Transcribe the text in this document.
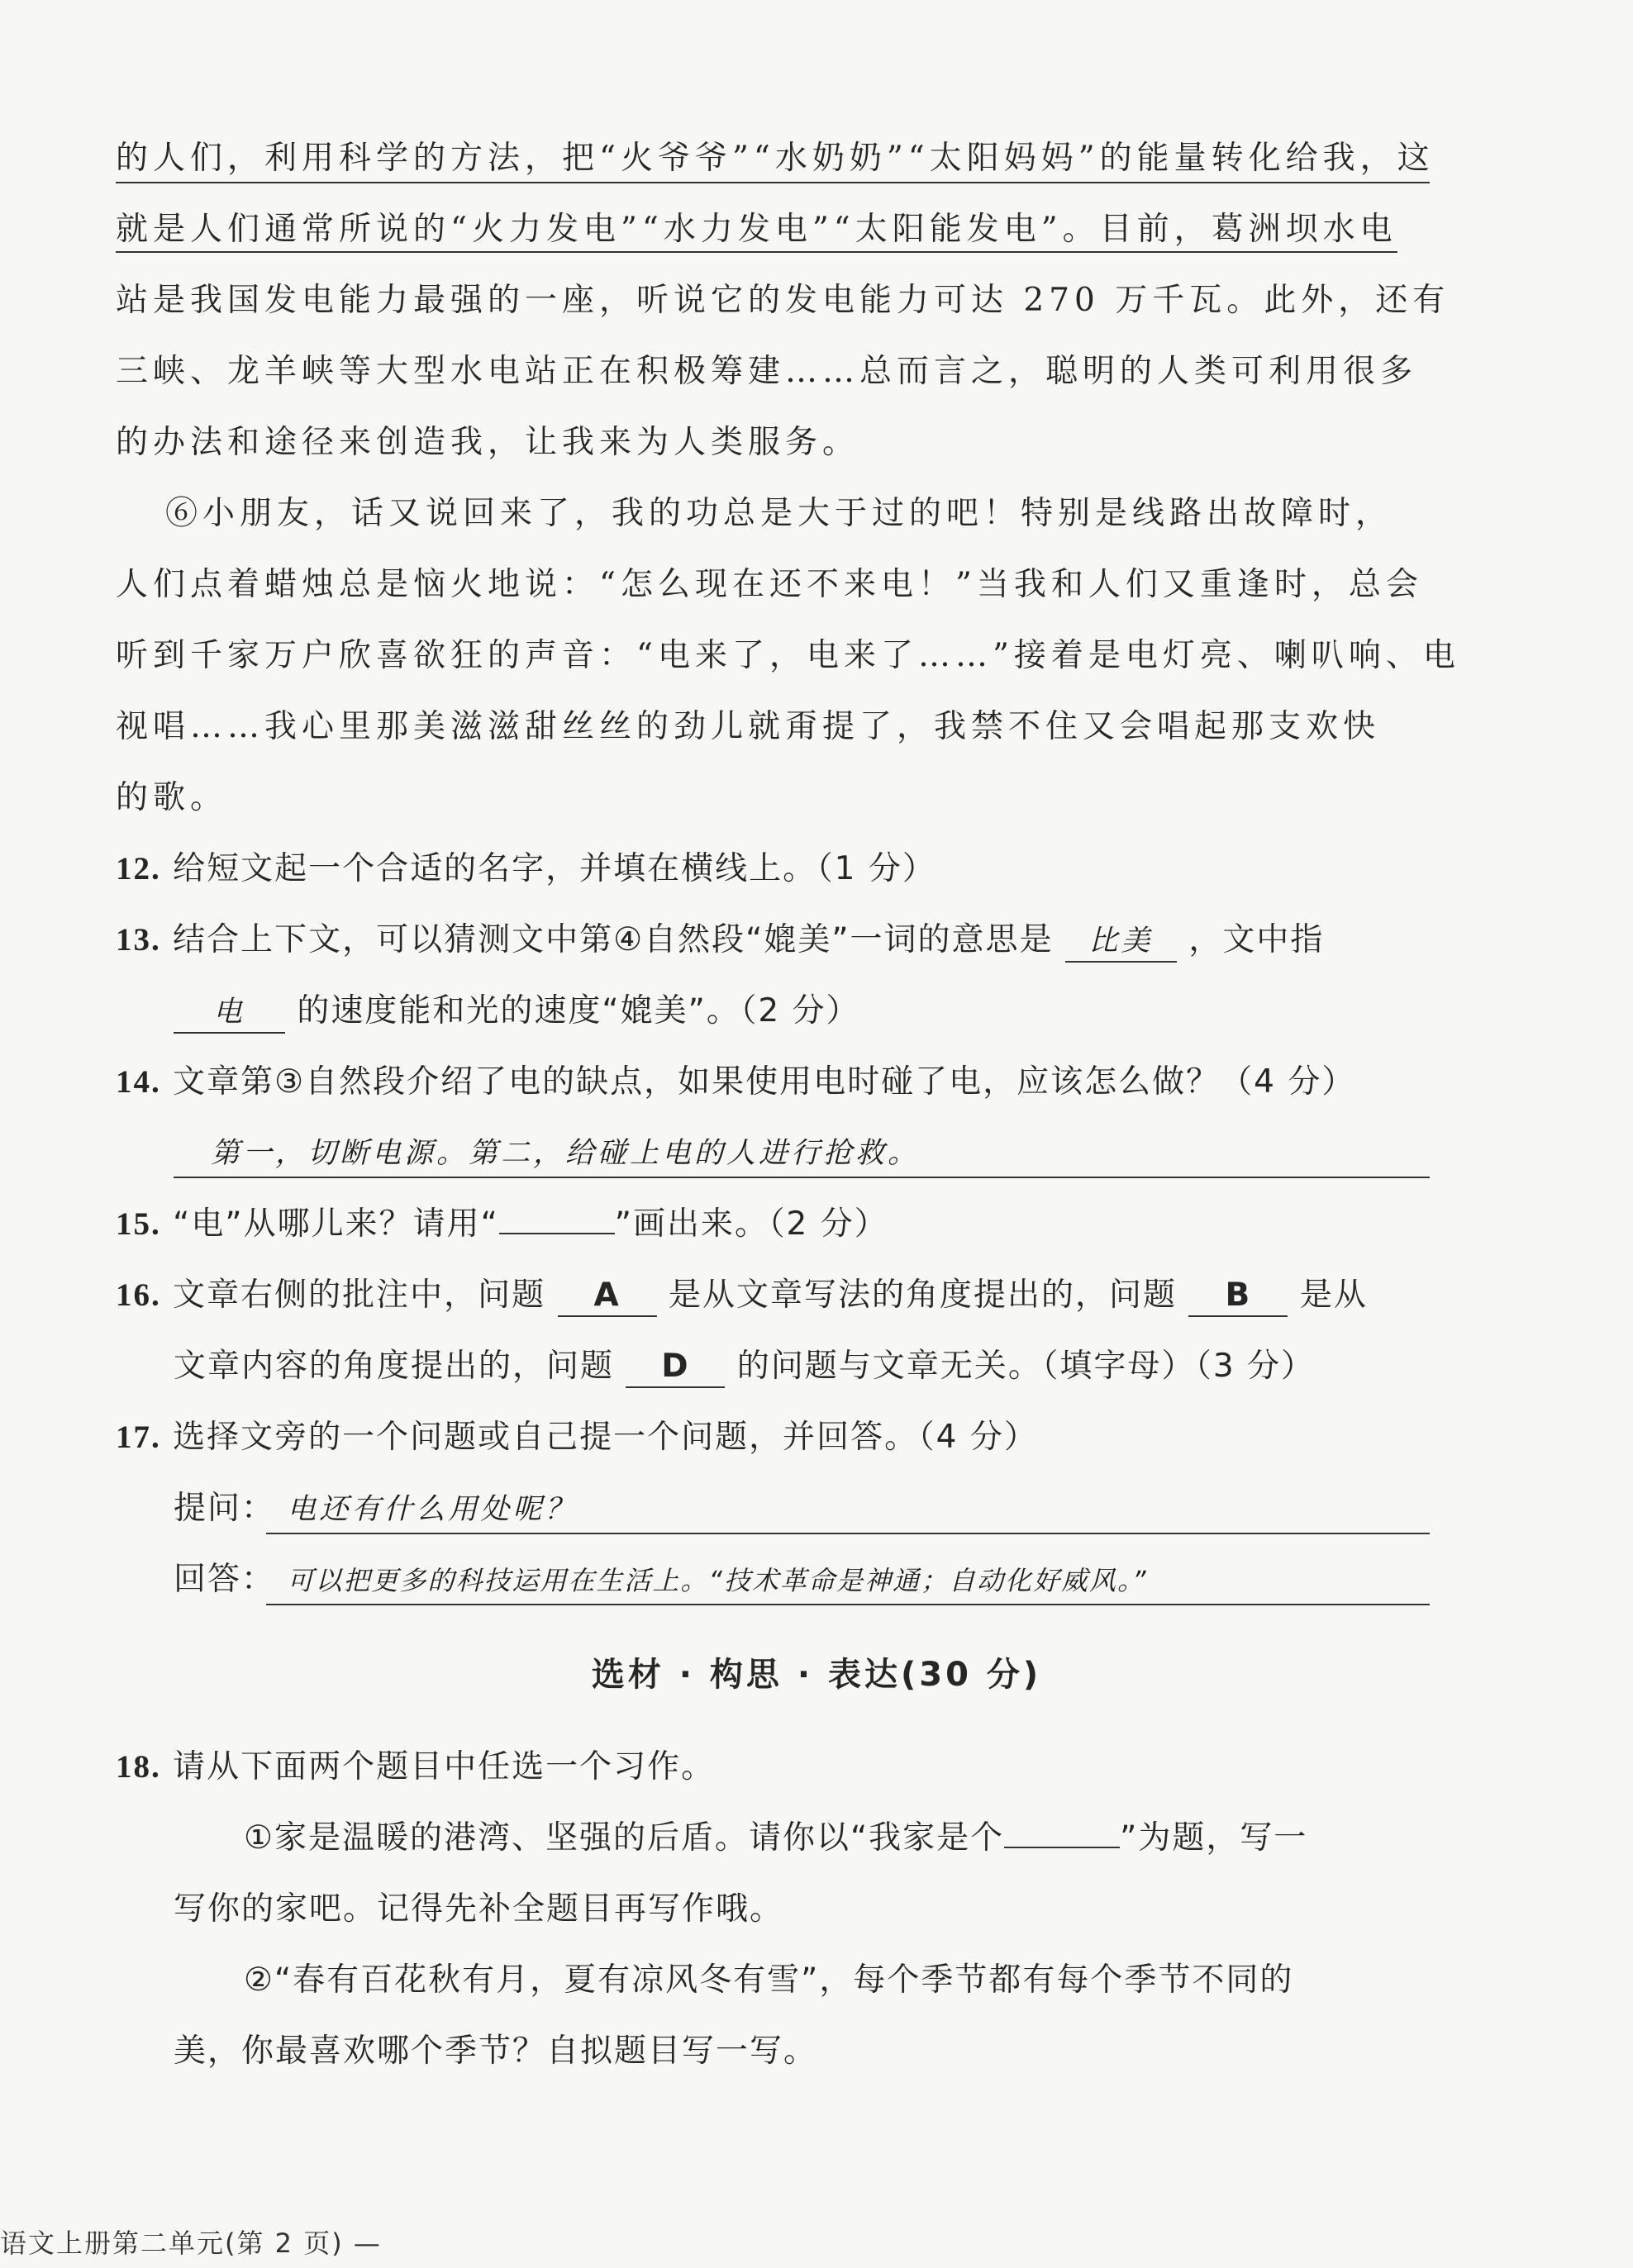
的人们，利用科学的方法，把“火爷爷”“水奶奶”“太阳妈妈”的能量转化给我，这
就是人们通常所说的“火力发电”“水力发电”“太阳能发电”。目前，葛洲坝水电
站是我国发电能力最强的一座，听说它的发电能力可达 270 万千瓦。此外，还有
三峡、龙羊峡等大型水电站正在积极筹建……总而言之，聪明的人类可利用很多
的办法和途径来创造我，让我来为人类服务。
⑥小朋友，话又说回来了，我的功总是大于过的吧！特别是线路出故障时，
人们点着蜡烛总是恼火地说：“怎么现在还不来电！”当我和人们又重逢时，总会
听到千家万户欣喜欲狂的声音：“电来了，电来了……”接着是电灯亮、喇叭响、电
视唱……我心里那美滋滋甜丝丝的劲儿就甭提了，我禁不住又会唱起那支欢快
的歌。
12. 给短文起一个合适的名字，并填在横线上。（1 分）
13. 结合上下文，可以猜测文中第④自然段“媲美”一词的意思是 比美 ，文中指
电 的速度能和光的速度“媲美”。（2 分）
14. 文章第③自然段介绍了电的缺点，如果使用电时碰了电，应该怎么做？（4 分）
第一，切断电源。第二，给碰上电的人进行抢救。
15. “电”从哪儿来？请用“	”画出来。（2 分）
16. 文章右侧的批注中，问题 A 是从文章写法的角度提出的，问题 B 是从
文章内容的角度提出的，问题 D 的问题与文章无关。（填字母）（3 分）
17. 选择文旁的一个问题或自己提一个问题，并回答。（4 分）
提问： 电还有什么用处呢？
回答： 可以把更多的科技运用在生活上。“技术革命是神通；自动化好威风。”
选材 · 构思 · 表达(30 分)
18. 请从下面两个题目中任选一个习作。
①家是温暖的港湾、坚强的后盾。请你以“我家是个	”为题，写一
写你的家吧。记得先补全题目再写作哦。
②“春有百花秋有月，夏有凉风冬有雪”，每个季节都有每个季节不同的
美，你最喜欢哪个季节？自拟题目写一写。
语文上册第二单元(第 2 页) —
